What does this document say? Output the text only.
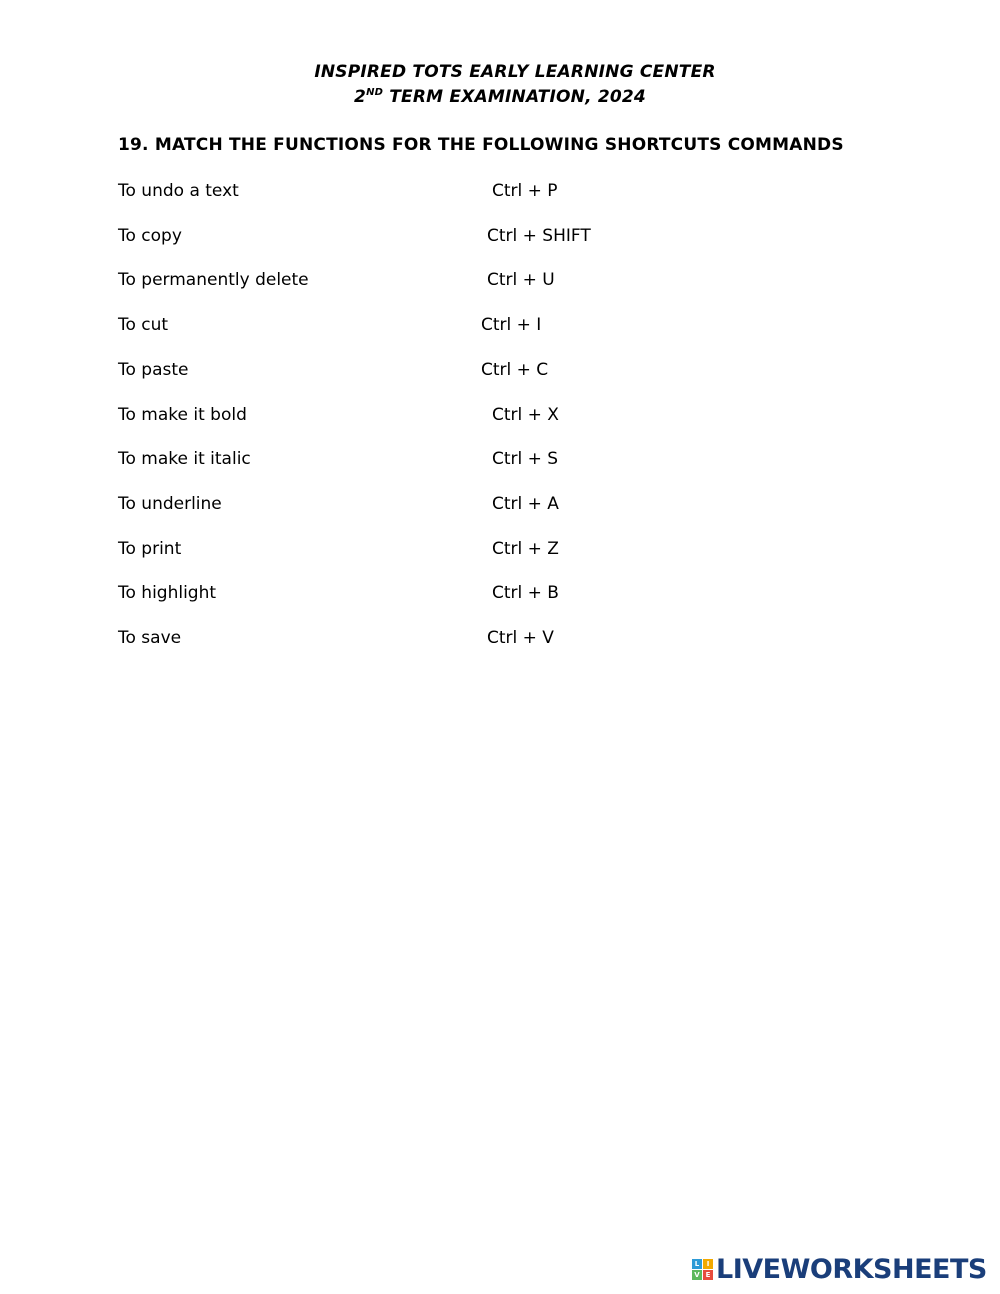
INSPIRED TOTS EARLY LEARNING CENTER
2ND TERM EXAMINATION, 2024
19. MATCH THE FUNCTIONS FOR THE FOLLOWING SHORTCUTS COMMANDS
To undo a text	Ctrl + P
To copy	Ctrl + SHIFT
To permanently delete	Ctrl + U
To cut	Ctrl + I
To paste	Ctrl + C
To make it bold	Ctrl + X
To make it italic	Ctrl + S
To underline	Ctrl + A
To print	Ctrl + Z
To highlight	Ctrl + B
To save	Ctrl + V
L	I
V E LIVEWORKSHEETS
